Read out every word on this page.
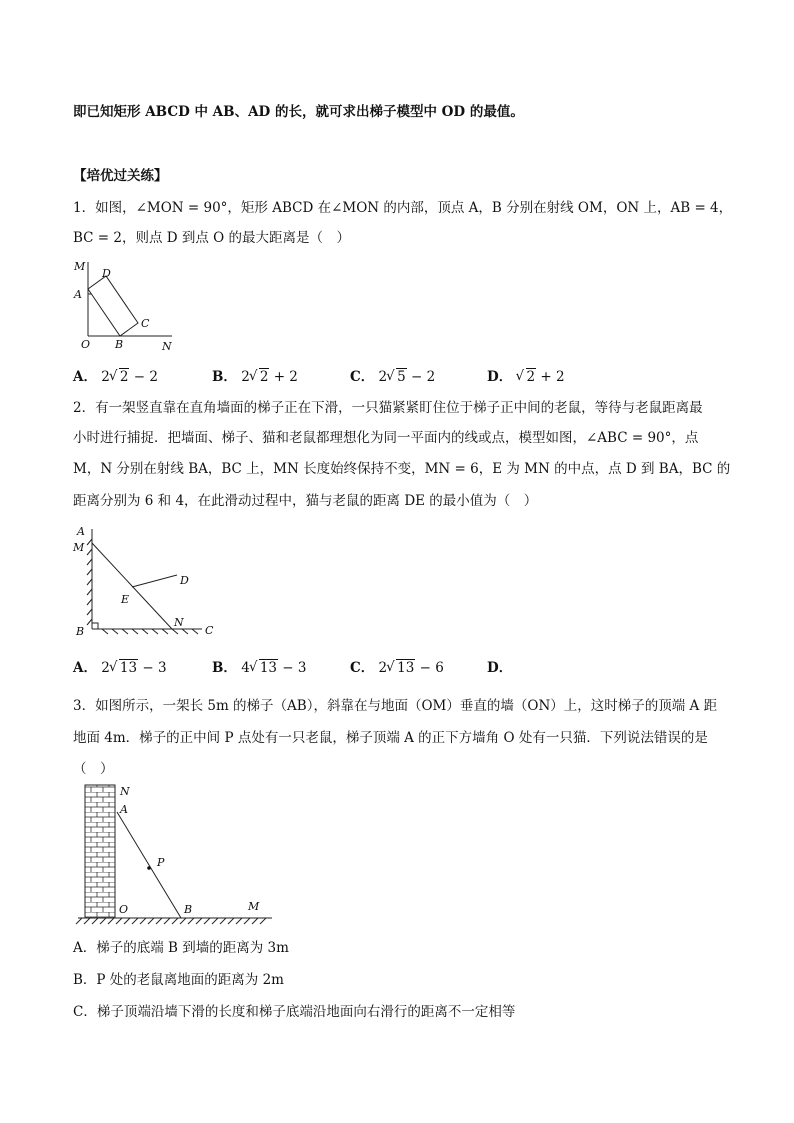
即已知矩形 ABCD 中 AB、AD 的长，就可求出梯子模型中 OD 的最值。
【培优过关练】
1．如图，∠MON = 90°，矩形 ABCD 在∠MON 的内部，顶点 A，B 分别在射线 OM，ON 上，AB = 4，
BC = 2，则点 D 到点 O 的最大距离是（　）
M
A
D
C
O B	N
A． 2 √ 2 − 2	B． 2 √ 2 + 2	C． 2 √ 5 − 2	D． √ 2 + 2
2．有一架竖直靠在直角墙面的梯子正在下滑，一只猫紧紧盯住位于梯子正中间的老鼠，等待与老鼠距离最
小时进行捕捉．把墙面、梯子、猫和老鼠都理想化为同一平面内的线或点，模型如图，∠ABC = 90°，点
M，N 分别在射线 BA，BC 上，MN 长度始终保持不变，MN = 6，E 为 MN 的中点，点 D 到 BA，BC 的
距离分别为 6 和 4，在此滑动过程中，猫与老鼠的距离 DE 的最小值为（　）
A
M
D
E
B
N
C
A． 2 √ 13 − 3	B． 4 √ 13 − 3	C． 2 √ 13 − 6	D．
3．如图所示，一架长 5m 的梯子（AB），斜靠在与地面（OM）垂直的墙（ON）上，这时梯子的顶端 A 距
地面 4m．梯子的正中间 P 点处有一只老鼠，梯子顶端 A 的正下方墙角 O 处有一只猫．下列说法错误的是
（　）
N
A
P
O	B	M
A．梯子的底端 B 到墙的距离为 3m
B．P 处的老鼠离地面的距离为 2m
C．梯子顶端沿墙下滑的长度和梯子底端沿地面向右滑行的距离不一定相等
